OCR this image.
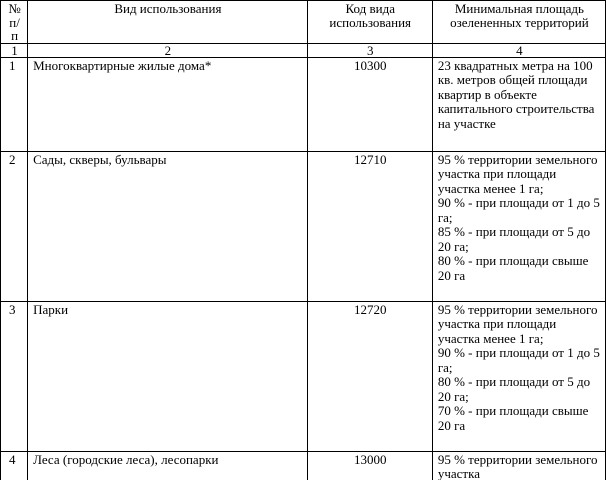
№ п/п	Вид использования	Код вида использования	Минимальная площадь озелененных территорий
1	2	3	4
1	Многоквартирные жилые дома*	10300	23 квадратных метра на 100 кв. метров общей площади квартир в объекте капитального строительства на участке

2	Сады, скверы, бульвары	12710	95 % территории земельного участка при площади участка менее 1 га;
90 % - при площади от 1 до 5 га;
85 % - при площади от 5 до 20 га;
80 % - при площади свыше 20 га

3	Парки	12720	95 % территории земельного участка при площади участка менее 1 га;
90 % - при площади от 1 до 5 га;
80 % - при площади от 5 до 20 га;
70 % - при площади свыше 20 га

4	Леса (городские леса), лесопарки	13000	95 % территории земельного участка
